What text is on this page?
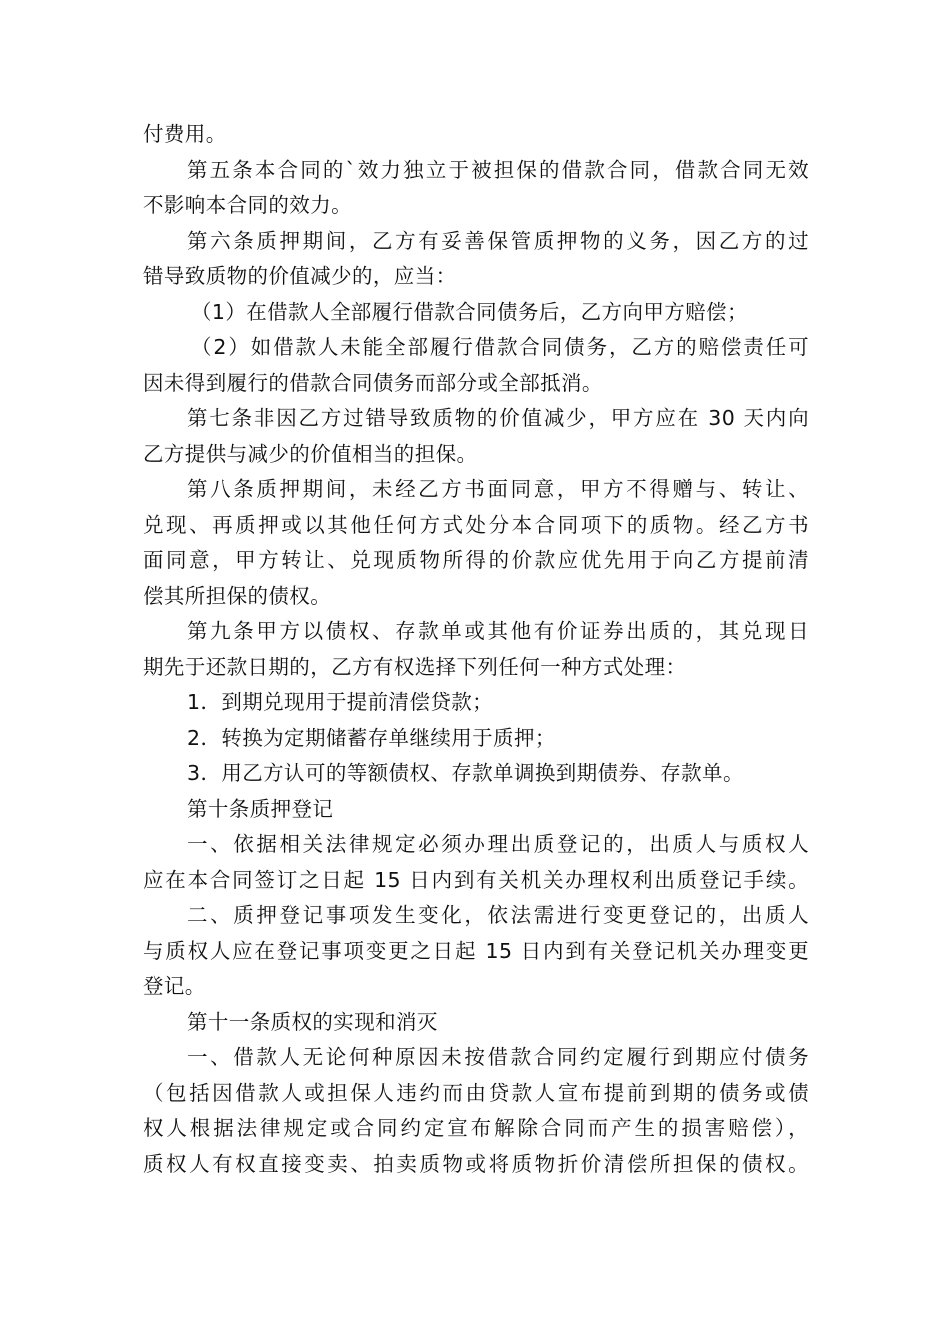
付费用。
第五条本合同的`效力独立于被担保的借款合同，借款合同无效
不影响本合同的效力。
第六条质押期间，乙方有妥善保管质押物的义务，因乙方的过
错导致质物的价值减少的，应当：
（1）在借款人全部履行借款合同债务后，乙方向甲方赔偿；
（2）如借款人未能全部履行借款合同债务，乙方的赔偿责任可
因未得到履行的借款合同债务而部分或全部抵消。
第七条非因乙方过错导致质物的价值减少，甲方应在 30 天内向
乙方提供与减少的价值相当的担保。
第八条质押期间，未经乙方书面同意，甲方不得赠与、转让、
兑现、再质押或以其他任何方式处分本合同项下的质物。经乙方书
面同意，甲方转让、兑现质物所得的价款应优先用于向乙方提前清
偿其所担保的债权。
第九条甲方以债权、存款单或其他有价证券出质的，其兑现日
期先于还款日期的，乙方有权选择下列任何一种方式处理：
1．到期兑现用于提前清偿贷款；
2．转换为定期储蓄存单继续用于质押；
3．用乙方认可的等额债权、存款单调换到期债券、存款单。
第十条质押登记
一、依据相关法律规定必须办理出质登记的，出质人与质权人
应在本合同签订之日起 15 日内到有关机关办理权利出质登记手续。
二、质押登记事项发生变化，依法需进行变更登记的，出质人
与质权人应在登记事项变更之日起 15 日内到有关登记机关办理变更
登记。
第十一条质权的实现和消灭
一、借款人无论何种原因未按借款合同约定履行到期应付债务
（包括因借款人或担保人违约而由贷款人宣布提前到期的债务或债
权人根据法律规定或合同约定宣布解除合同而产生的损害赔偿），
质权人有权直接变卖、拍卖质物或将质物折价清偿所担保的债权。
